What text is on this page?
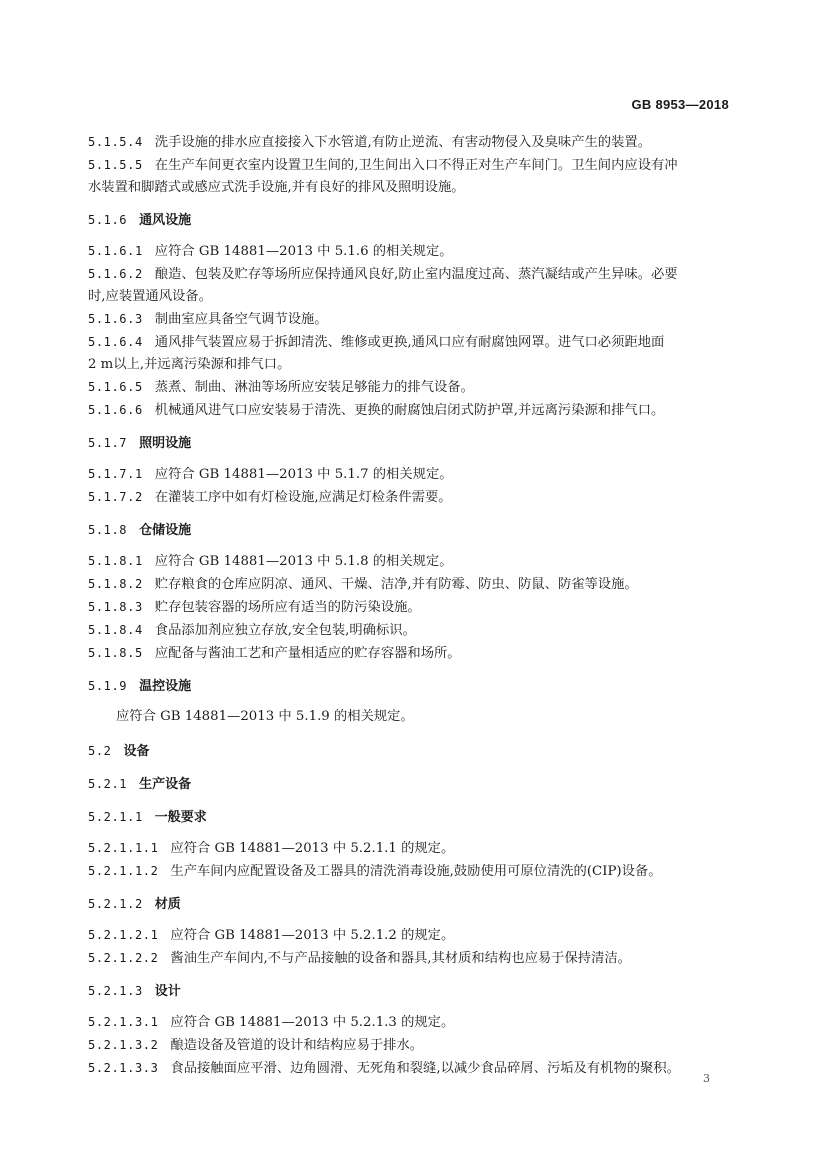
GB 8953—2018
5.1.5.4 洗手设施的排水应直接接入下水管道,有防止逆流、有害动物侵入及臭味产生的装置。
5.1.5.5 在生产车间更衣室内设置卫生间的,卫生间出入口不得正对生产车间门。卫生间内应设有冲
水装置和脚踏式或感应式洗手设施,并有良好的排风及照明设施。
5.1.6 通风设施
5.1.6.1 应符合 GB 14881—2013 中 5.1.6 的相关规定。
5.1.6.2 酿造、包装及贮存等场所应保持通风良好,防止室内温度过高、蒸汽凝结或产生异味。必要
时,应装置通风设备。
5.1.6.3 制曲室应具备空气调节设施。
5.1.6.4 通风排气装置应易于拆卸清洗、维修或更换,通风口应有耐腐蚀网罩。进气口必须距地面
2 m以上,并远离污染源和排气口。
5.1.6.5 蒸煮、制曲、淋油等场所应安装足够能力的排气设备。
5.1.6.6 机械通风进气口应安装易于清洗、更换的耐腐蚀启闭式防护罩,并远离污染源和排气口。
5.1.7 照明设施
5.1.7.1 应符合 GB 14881—2013 中 5.1.7 的相关规定。
5.1.7.2 在灌装工序中如有灯检设施,应满足灯检条件需要。
5.1.8 仓储设施
5.1.8.1 应符合 GB 14881—2013 中 5.1.8 的相关规定。
5.1.8.2 贮存粮食的仓库应阴凉、通风、干燥、洁净,并有防霉、防虫、防鼠、防雀等设施。
5.1.8.3 贮存包装容器的场所应有适当的防污染设施。
5.1.8.4 食品添加剂应独立存放,安全包装,明确标识。
5.1.8.5 应配备与酱油工艺和产量相适应的贮存容器和场所。
5.1.9 温控设施
应符合 GB 14881—2013 中 5.1.9 的相关规定。
5.2 设备
5.2.1 生产设备
5.2.1.1 一般要求
5.2.1.1.1 应符合 GB 14881—2013 中 5.2.1.1 的规定。
5.2.1.1.2 生产车间内应配置设备及工器具的清洗消毒设施,鼓励使用可原位清洗的(CIP)设备。
5.2.1.2 材质
5.2.1.2.1 应符合 GB 14881—2013 中 5.2.1.2 的规定。
5.2.1.2.2 酱油生产车间内,不与产品接触的设备和器具,其材质和结构也应易于保持清洁。
5.2.1.3 设计
5.2.1.3.1 应符合 GB 14881—2013 中 5.2.1.3 的规定。
5.2.1.3.2 酿造设备及管道的设计和结构应易于排水。
5.2.1.3.3 食品接触面应平滑、边角圆滑、无死角和裂缝,以减少食品碎屑、污垢及有机物的聚积。
3
